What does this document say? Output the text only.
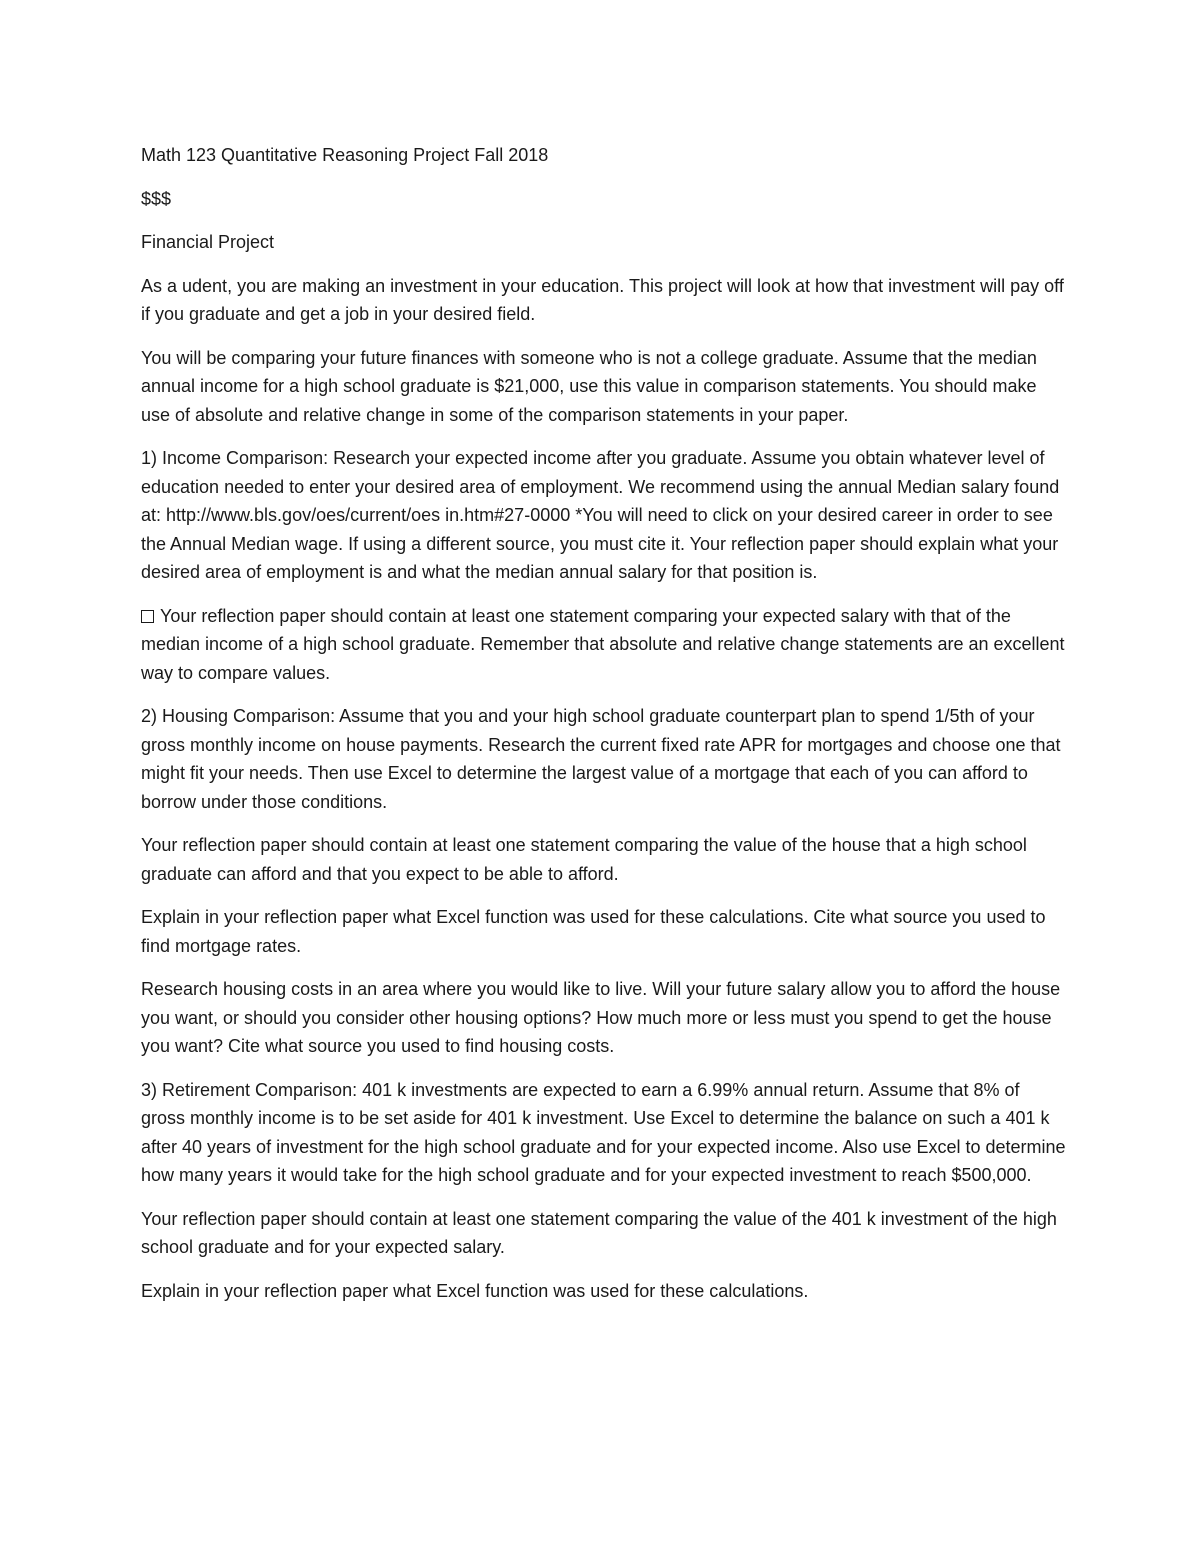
Math 123 Quantitative Reasoning Project Fall 2018

$$$

Financial Project

As a udent, you are making an investment in your education. This project will look at how that investment will pay off if you graduate and get a job in your desired field.

You will be comparing your future finances with someone who is not a college graduate. Assume that the median annual income for a high school graduate is $21,000, use this value in comparison statements. You should make use of absolute and relative change in some of the comparison statements in your paper.

1) Income Comparison: Research your expected income after you graduate. Assume you obtain whatever level of education needed to enter your desired area of employment. We recommend using the annual Median salary found at: http://www.bls.gov/oes/current/oes in.htm#27-0000 *You will need to click on your desired career in order to see the Annual Median wage. If using a different source, you must cite it. Your reflection paper should explain what your desired area of employment is and what the median annual salary for that position is.

Your reflection paper should contain at least one statement comparing your expected salary with that of the median income of a high school graduate. Remember that absolute and relative change statements are an excellent way to compare values.

2) Housing Comparison: Assume that you and your high school graduate counterpart plan to spend 1/5th of your gross monthly income on house payments. Research the current fixed rate APR for mortgages and choose one that might fit your needs. Then use Excel to determine the largest value of a mortgage that each of you can afford to borrow under those conditions.

Your reflection paper should contain at least one statement comparing the value of the house that a high school graduate can afford and that you expect to be able to afford.

Explain in your reflection paper what Excel function was used for these calculations. Cite what source you used to find mortgage rates.

Research housing costs in an area where you would like to live. Will your future salary allow you to afford the house you want, or should you consider other housing options? How much more or less must you spend to get the house you want? Cite what source you used to find housing costs.

3) Retirement Comparison: 401 k investments are expected to earn a 6.99% annual return. Assume that 8% of gross monthly income is to be set aside for 401 k investment. Use Excel to determine the balance on such a 401 k after 40 years of investment for the high school graduate and for your expected income. Also use Excel to determine how many years it would take for the high school graduate and for your expected investment to reach $500,000.

Your reflection paper should contain at least one statement comparing the value of the 401 k investment of the high school graduate and for your expected salary.

Explain in your reflection paper what Excel function was used for these calculations.
